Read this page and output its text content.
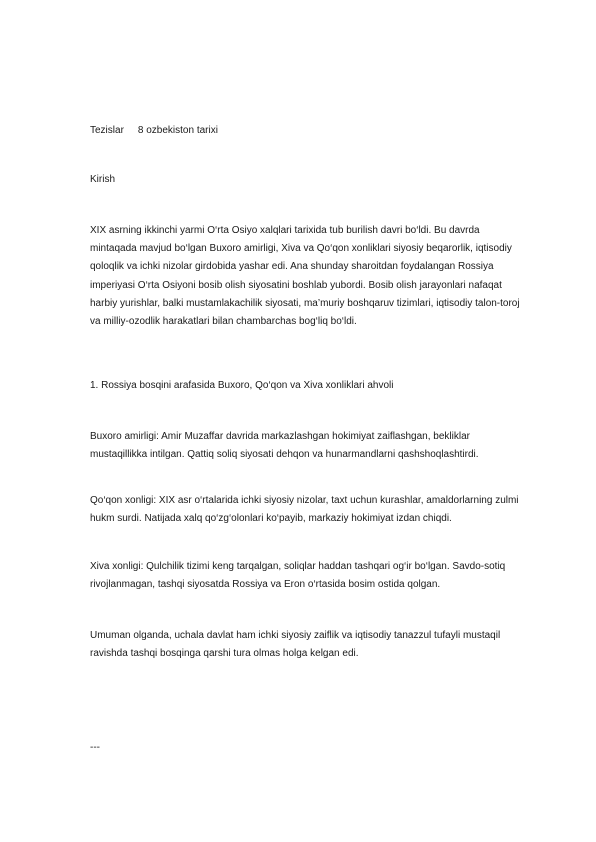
Tezislar 8 ozbekiston tarixi

Kirish

XIX asrning ikkinchi yarmi O‘rta Osiyo xalqlari tarixida tub burilish davri bo‘ldi. Bu davrda mintaqada mavjud bo‘lgan Buxoro amirligi, Xiva va Qo‘qon xonliklari siyosiy beqarorlik, iqtisodiy qoloqlik va ichki nizolar girdobida yashar edi. Ana shunday sharoitdan foydalangan Rossiya imperiyasi O‘rta Osiyoni bosib olish siyosatini boshlab yubordi. Bosib olish jarayonlari nafaqat harbiy yurishlar, balki mustamlakachilik siyosati, ma’muriy boshqaruv tizimlari, iqtisodiy talon-toroj va milliy-ozodlik harakatlari bilan chambarchas bog‘liq bo‘ldi.

1. Rossiya bosqini arafasida Buxoro, Qo‘qon va Xiva xonliklari ahvoli

Buxoro amirligi: Amir Muzaffar davrida markazlashgan hokimiyat zaiflashgan, bekliklar mustaqillikka intilgan. Qattiq soliq siyosati dehqon va hunarmandlarni qashshoqlashtirdi.

Qo‘qon xonligi: XIX asr o‘rtalarida ichki siyosiy nizolar, taxt uchun kurashlar, amaldorlarning zulmi hukm surdi. Natijada xalq qo‘zg‘olonlari ko‘payib, markaziy hokimiyat izdan chiqdi.

Xiva xonligi: Qulchilik tizimi keng tarqalgan, soliqlar haddan tashqari og‘ir bo‘lgan. Savdo-sotiq rivojlanmagan, tashqi siyosatda Rossiya va Eron o‘rtasida bosim ostida qolgan.

Umuman olganda, uchala davlat ham ichki siyosiy zaiflik va iqtisodiy tanazzul tufayli mustaqil ravishda tashqi bosqinga qarshi tura olmas holga kelgan edi.

---
